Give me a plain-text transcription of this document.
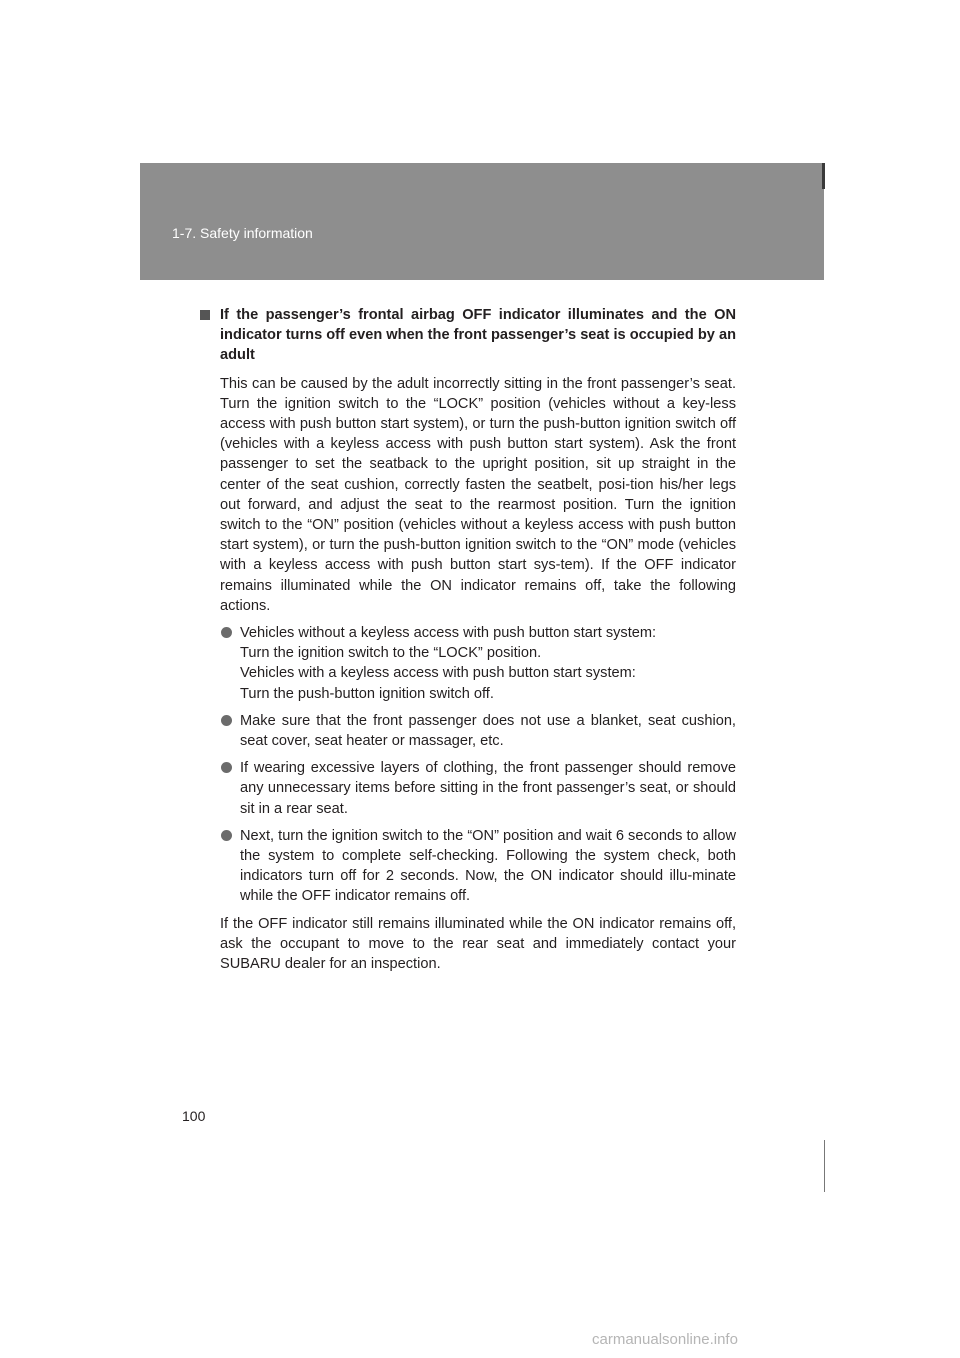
1-7. Safety information
If the passenger’s frontal airbag OFF indicator illuminates and the ON indicator turns off even when the front passenger’s seat is occupied by an adult
This can be caused by the adult incorrectly sitting in the front passenger’s seat. Turn the ignition switch to the “LOCK” position (vehicles without a key-less access with push button start system), or turn the push-button ignition switch off (vehicles with a keyless access with push button start system). Ask the front passenger to set the seatback to the upright position, sit up straight in the center of the seat cushion, correctly fasten the seatbelt, posi-tion his/her legs out forward, and adjust the seat to the rearmost position. Turn the ignition switch to the “ON” position (vehicles without a keyless access with push button start system), or turn the push-button ignition switch to the “ON” mode (vehicles with a keyless access with push button start sys-tem). If the OFF indicator remains illuminated while the ON indicator remains off, take the following actions.
Vehicles without a keyless access with push button start system:
Turn the ignition switch to the “LOCK” position.
Vehicles with a keyless access with push button start system:
Turn the push-button ignition switch off.
Make sure that the front passenger does not use a blanket, seat cushion, seat cover, seat heater or massager, etc.
If wearing excessive layers of clothing, the front passenger should remove any unnecessary items before sitting in the front passenger’s seat, or should sit in a rear seat.
Next, turn the ignition switch to the “ON” position and wait 6 seconds to allow the system to complete self-checking. Following the system check, both indicators turn off for 2 seconds. Now, the ON indicator should illu-minate while the OFF indicator remains off.
If the OFF indicator still remains illuminated while the ON indicator remains off, ask the occupant to move to the rear seat and immediately contact your SUBARU dealer for an inspection.
100
carmanualsonline.info
